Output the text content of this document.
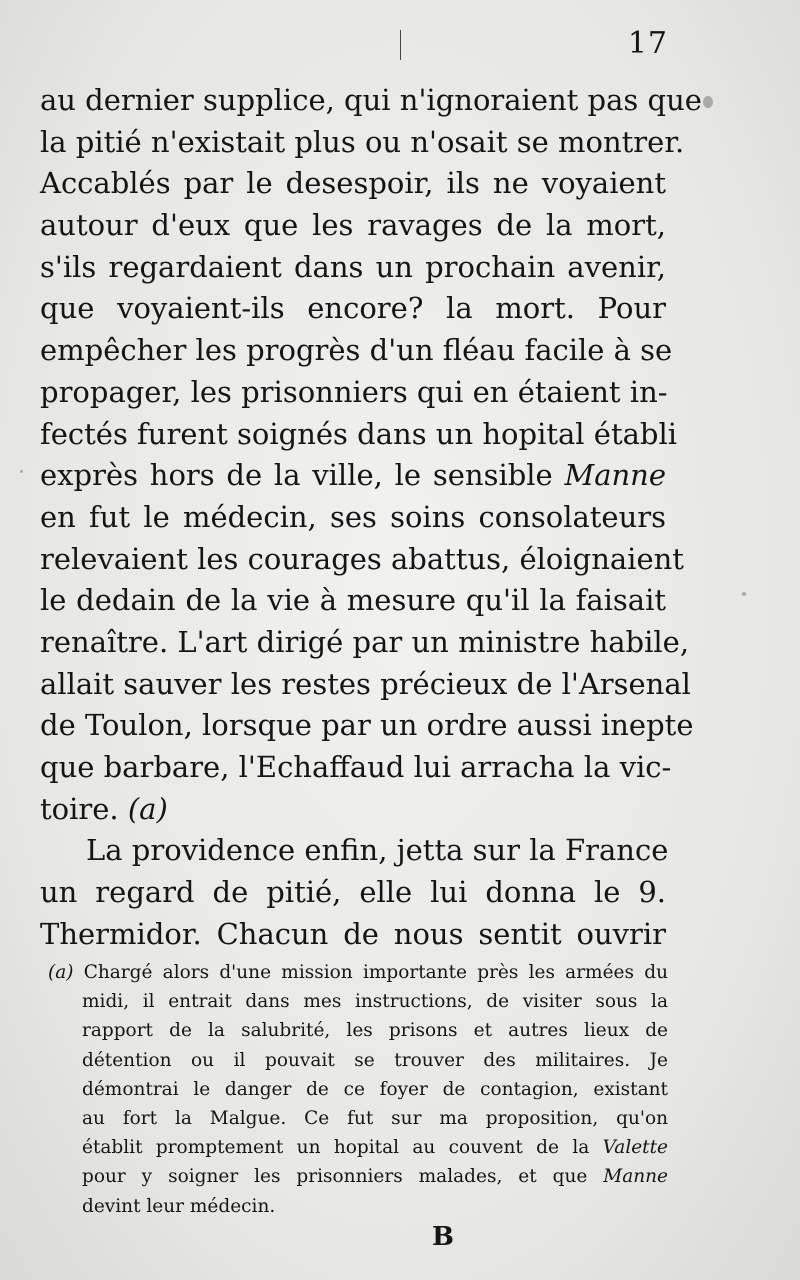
17
au dernier supplice, qui n'ignoraient pas que
la pitié n'existait plus ou n'osait se montrer.
Accablés par le desespoir, ils ne voyaient
autour d'eux que les ravages de la mort,
s'ils regardaient dans un prochain avenir,
que voyaient-ils encore? la mort. Pour
empêcher les progrès d'un fléau facile à se
propager, les prisonniers qui en étaient in-
fectés furent soignés dans un hopital établi
exprès hors de la ville, le sensible Manne
en fut le médecin, ses soins consolateurs
relevaient les courages abattus, éloignaient
le dedain de la vie à mesure qu'il la faisait
renaître. L'art dirigé par un ministre habile,
allait sauver les restes précieux de l'Arsenal
de Toulon, lorsque par un ordre aussi inepte
que barbare, l'Echaffaud lui arracha la vic-
toire. (a)
La providence enfin, jetta sur la France
un regard de pitié, elle lui donna le 9.
Thermidor. Chacun de nous sentit ouvrir
(a) Chargé alors d'une mission importante près les armées du
midi, il entrait dans mes instructions, de visiter sous la
rapport de la salubrité, les prisons et autres lieux de
détention ou il pouvait se trouver des militaires. Je
démontrai le danger de ce foyer de contagion, existant
au fort la Malgue. Ce fut sur ma proposition, qu'on
établit promptement un hopital au couvent de la Valette
pour y soigner les prisonniers malades, et que Manne
devint leur médecin.
B
